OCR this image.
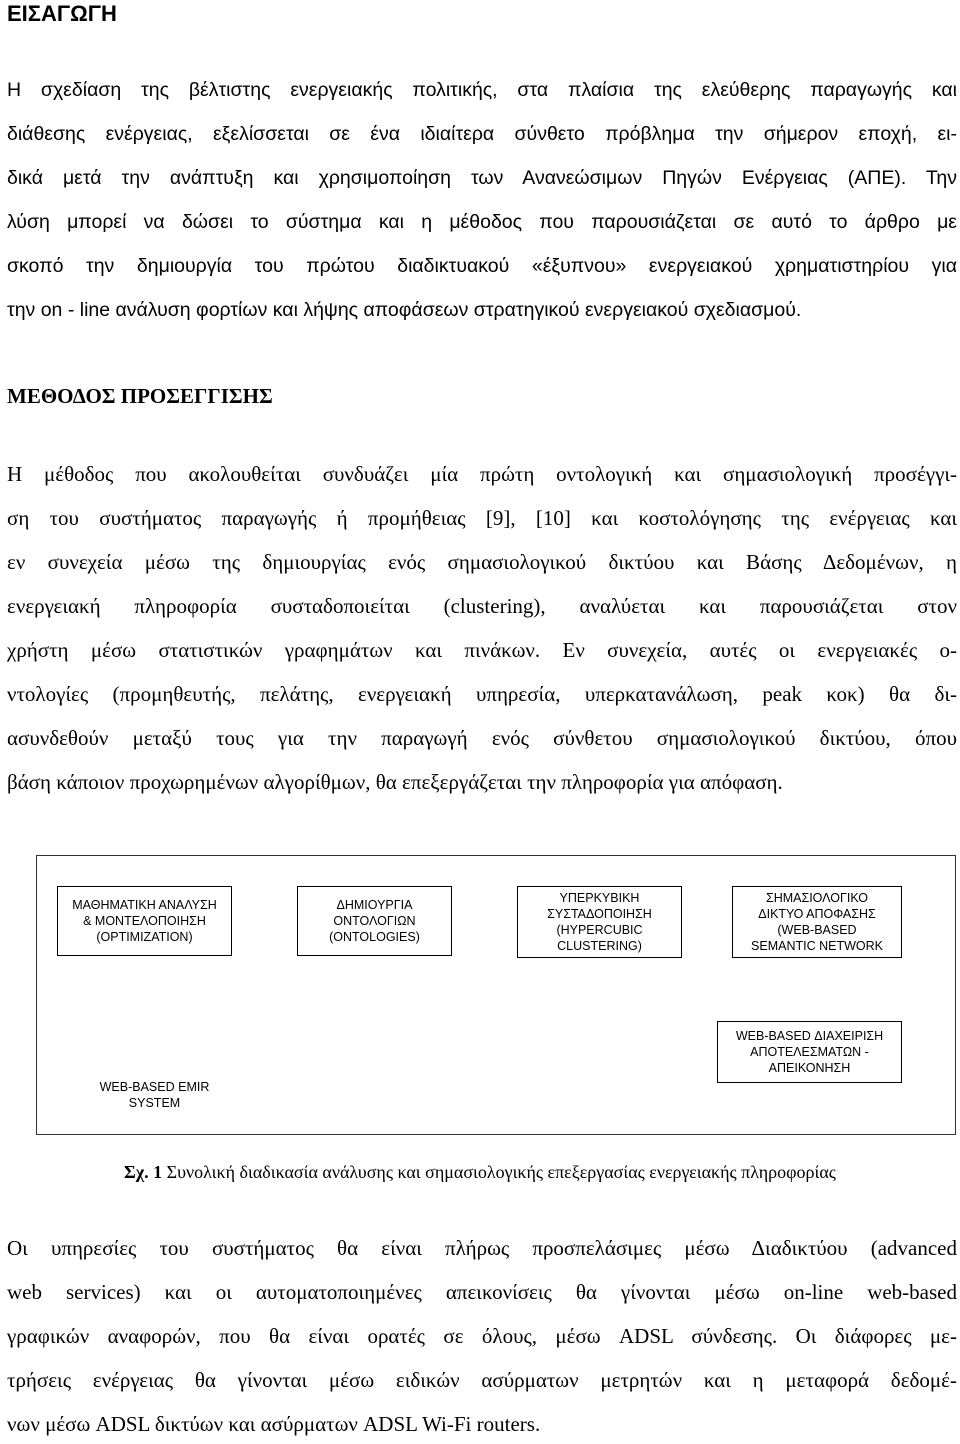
ΕΙΣΑΓΩΓΗ

Η σχεδίαση της βέλτιστης ενεργειακής πολιτικής, στα πλαίσια της ελεύθερης παραγωγής και

διάθεσης ενέργειας, εξελίσσεται σε ένα ιδιαίτερα σύνθετο πρόβλημα την σήμερον εποχή, ει-

δικά μετά την ανάπτυξη και χρησιμοποίηση των Ανανεώσιμων Πηγών Ενέργειας (ΑΠΕ). Την

λύση μπορεί να δώσει το σύστημα και η μέθοδος που παρουσιάζεται σε αυτό το άρθρο με

σκοπό την δημιουργία του πρώτου διαδικτυακού «έξυπνου» ενεργειακού χρηματιστηρίου για

την on - line ανάλυση φορτίων και λήψης αποφάσεων στρατηγικού ενεργειακού σχεδιασμού.

ΜΕΘΟΔΟΣ ΠΡΟΣΕΓΓΙΣΗΣ

Η μέθοδος που ακολουθείται συνδυάζει μία πρώτη οντολογική και σημασιολογική προσέγγι-

ση του συστήματος παραγωγής ή προμήθειας [9], [10] και κοστολόγησης της ενέργειας και

εν συνεχεία μέσω της δημιουργίας ενός σημασιολογικού δικτύου και Βάσης Δεδομένων, η

ενεργειακή πληροφορία συσταδοποιείται (clustering), αναλύεται και παρουσιάζεται στον

χρήστη μέσω στατιστικών γραφημάτων και πινάκων. Εν συνεχεία, αυτές οι ενεργειακές ο-

ντολογίες (προμηθευτής, πελάτης, ενεργειακή υπηρεσία, υπερκατανάλωση, peak κοκ) θα δι-

ασυνδεθούν μεταξύ τους για την παραγωγή ενός σύνθετου σημασιολογικού δικτύου, όπου

βάση κάποιον προχωρημένων αλγορίθμων, θα επεξεργάζεται την πληροφορία για απόφαση.

ΜΑΘΗΜΑΤΙΚΗ ΑΝΑΛΥΣΗ
& ΜΟΝΤΕΛΟΠΟΙΗΣΗ
(OPTIMIZATION)
ΔΗΜΙΟΥΡΓΙΑ
ΟΝΤΟΛΟΓΙΩΝ
(ONTOLOGIES)
ΥΠΕΡΚΥΒΙΚΗ
ΣΥΣΤΑΔΟΠΟΙΗΣΗ
(HYPERCUBIC
CLUSTERING)
ΣΗΜΑΣΙΟΛΟΓΙΚΟ
ΔΙΚΤΥΟ ΑΠΟΦΑΣΗΣ
(WEB-BASED
SEMANTIC NETWORK
WEB-BASED ΔΙΑΧΕΙΡΙΣΗ
ΑΠΟΤΕΛΕΣΜΑΤΩΝ -
ΑΠΕΙΚΟΝΗΣΗ
WEB-BASED EMIR
SYSTEM
Σχ. 1 Συνολική διαδικασία ανάλυσης και σημασιολογικής επεξεργασίας ενεργειακής πληροφορίας

Οι υπηρεσίες του συστήματος θα είναι πλήρως προσπελάσιμες μέσω Διαδικτύου (advanced

web services) και οι αυτοματοποιημένες απεικονίσεις θα γίνονται μέσω on-line web-based

γραφικών αναφορών, που θα είναι ορατές σε όλους, μέσω ADSL σύνδεσης. Οι διάφορες με-

τρήσεις ενέργειας θα γίνονται μέσω ειδικών ασύρματων μετρητών και η μεταφορά δεδομέ-

νων μέσω ADSL δικτύων και ασύρματων ADSL Wi-Fi routers.
